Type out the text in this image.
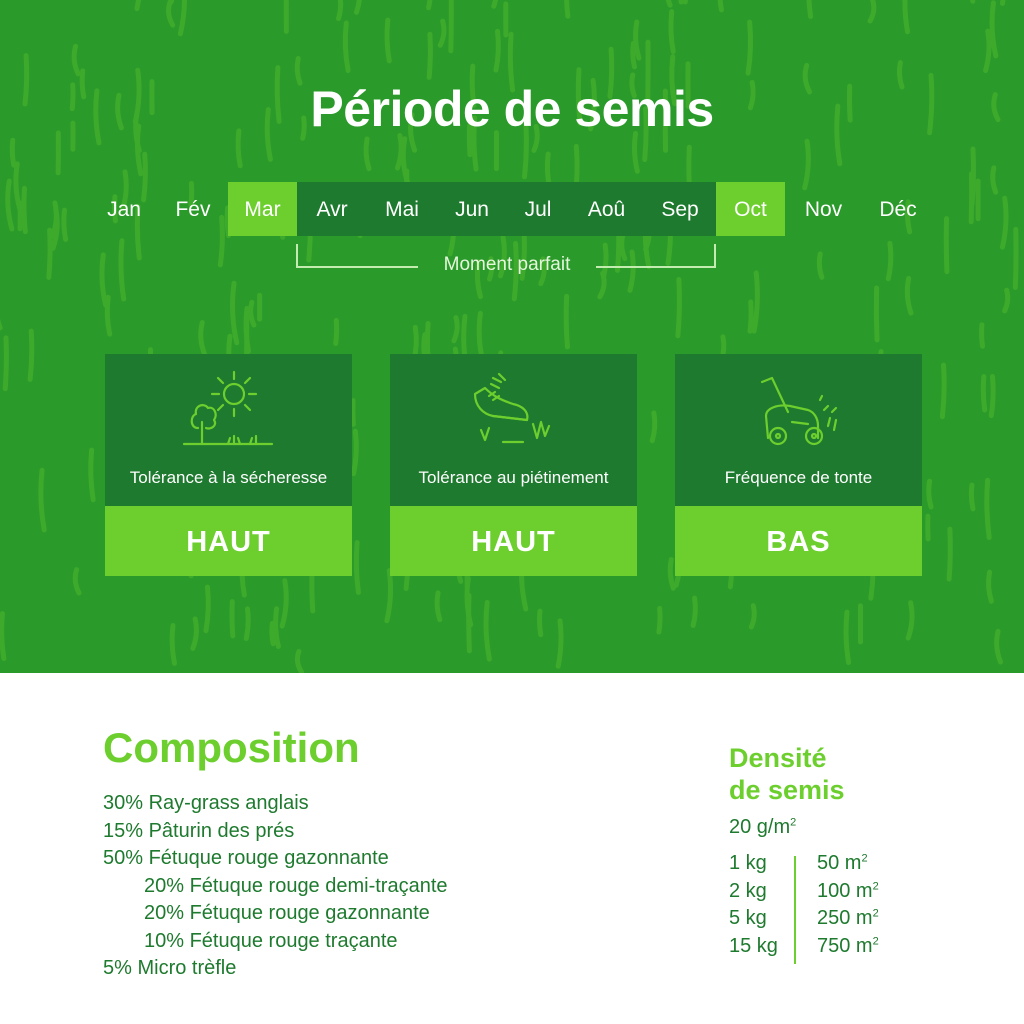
Période de semis
Jan	Fév	Mar	Avr	Mai	Jun	Jul	Aoû	Sep	Oct	Nov	Déc
Moment parfait
Tolérance à la sécheresse
HAUT
Tolérance au piétinement
HAUT
Fréquence de tonte
BAS
Composition
30% Ray-grass anglais
15% Pâturin des prés
50% Fétuque rouge gazonnante
20% Fétuque rouge demi-traçante
20% Fétuque rouge gazonnante
10% Fétuque rouge traçante
5% Micro trèfle
Densité
de semis
20 $g/m^2$
1 kg	50 $m^2$
2 kg	100 $m^2$
5 kg	250 $m^2$
15 kg 750 $m^2$
